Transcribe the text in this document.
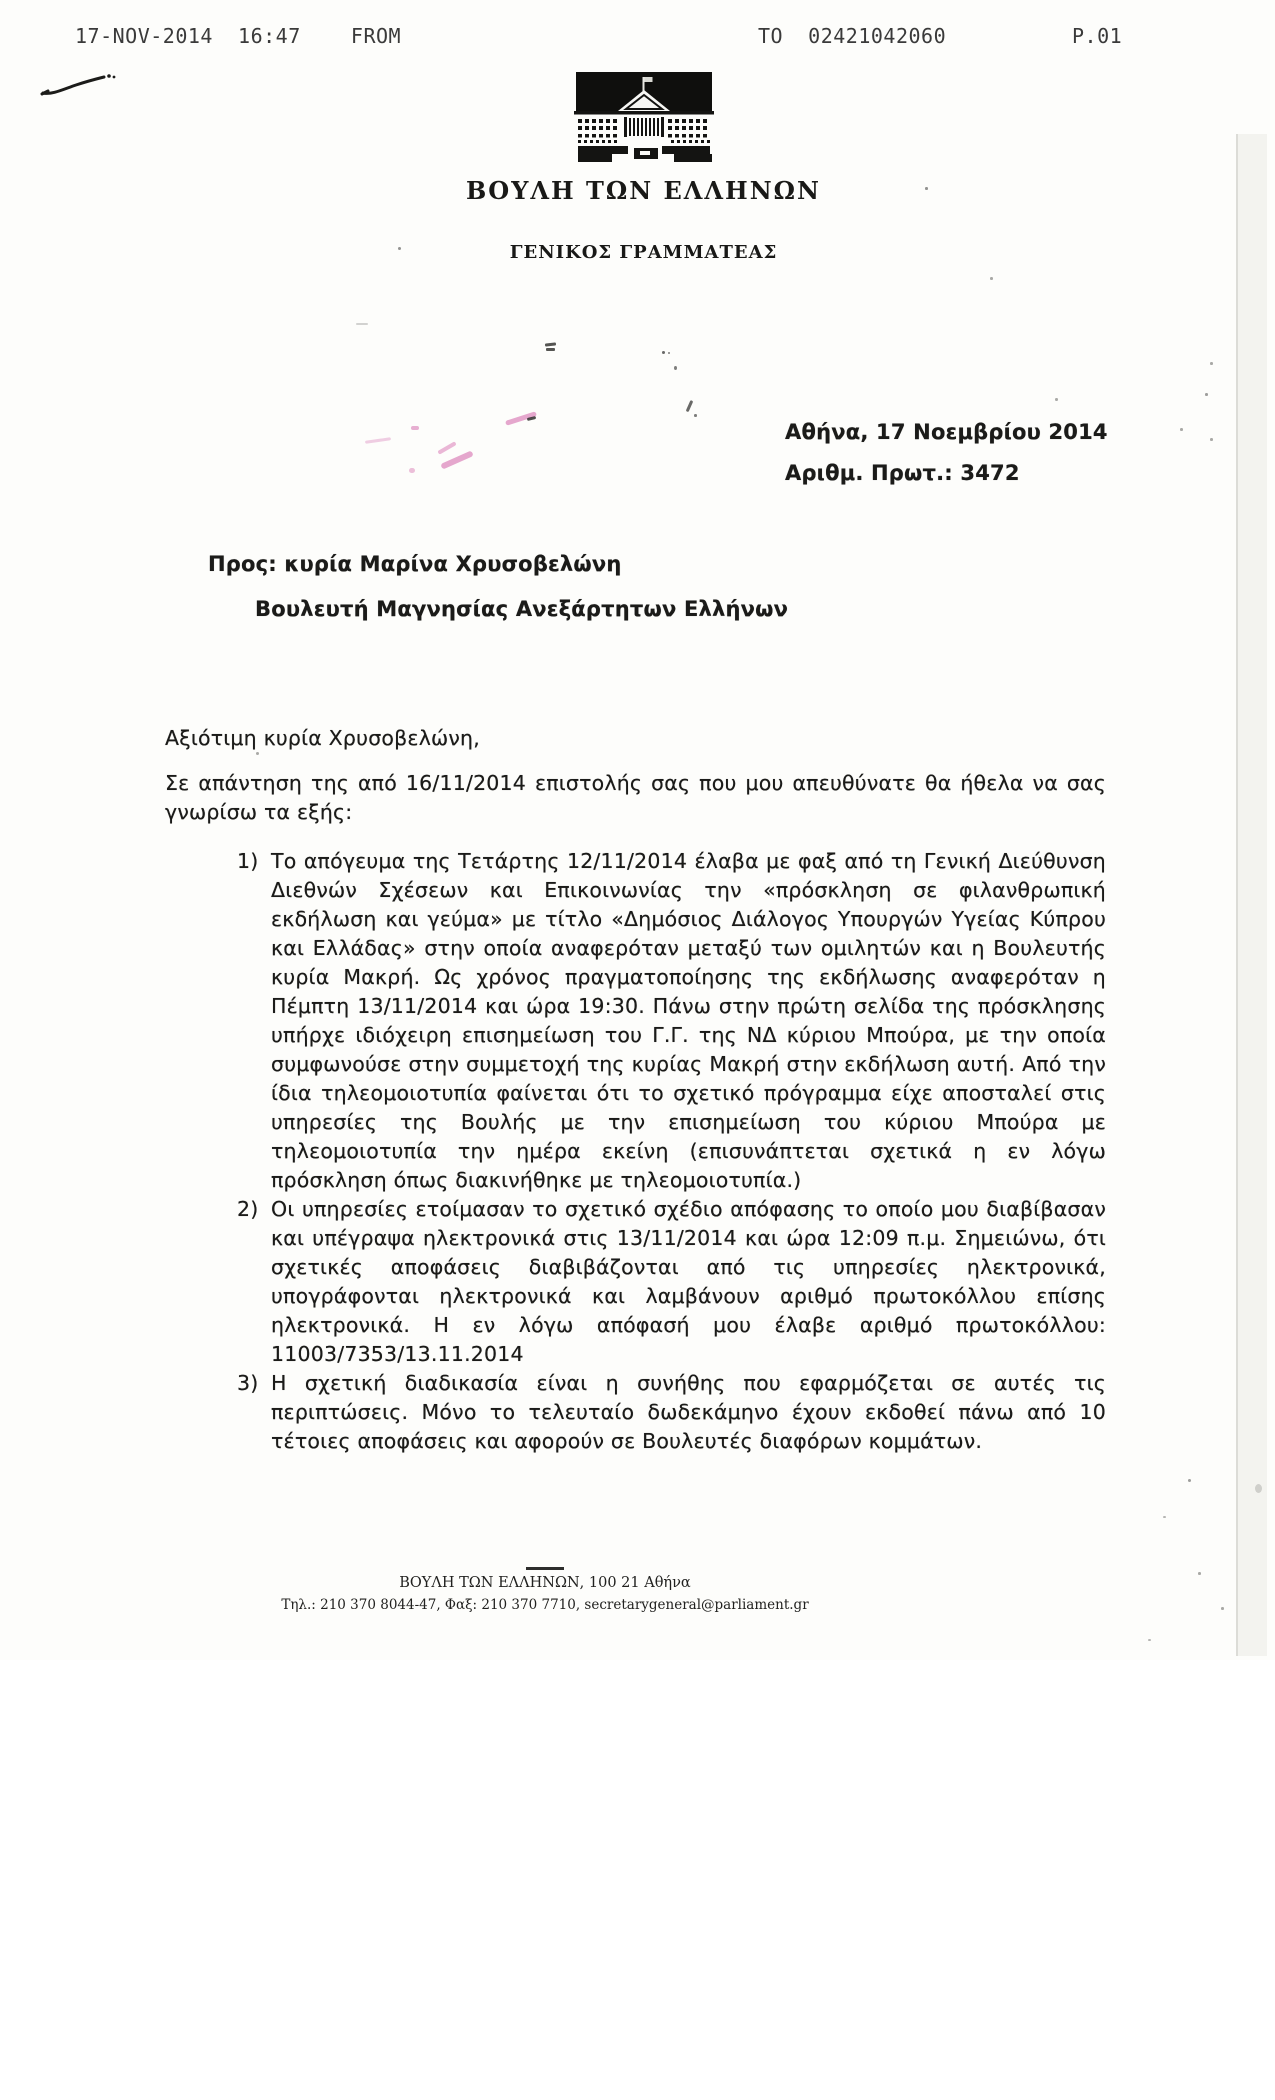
17-NOV-2014  16:47    FROM	TO  02421042060	P.01
ΒΟΥΛΗ ΤΩΝ ΕΛΛΗΝΩΝ
ΓΕΝΙΚΟΣ ΓΡΑΜΜΑΤΕΑΣ
Αθήνα, 17 Νοεμβρίου 2014
Αριθμ. Πρωτ.: 3472
Προς: κυρία Μαρίνα Χρυσοβελώνη
Βουλευτή Μαγνησίας Ανεξάρτητων Ελλήνων
Αξιότιμη κυρία Χρυσοβελώνη,
Σε απάντηση της από 16/11/2014 επιστολής σας που μου απευθύνατε θα ήθελα να σας γνωρίσω τα εξής:
1) Το απόγευμα της Τετάρτης 12/11/2014 έλαβα με φαξ από τη Γενική Διεύθυνση Διεθνών Σχέσεων και Επικοινωνίας την «πρόσκληση σε φιλανθρωπική εκδήλωση και γεύμα» με τίτλο «Δημόσιος Διάλογος Υπουργών Υγείας Κύπρου και Ελλάδας» στην οποία αναφερόταν μεταξύ των ομιλητών και η Βουλευτής κυρία Μακρή. Ως χρόνος πραγματοποίησης της εκδήλωσης αναφερόταν η Πέμπτη 13/11/2014 και ώρα 19:30. Πάνω στην πρώτη σελίδα της πρόσκλησης υπήρχε ιδιόχειρη επισημείωση του Γ.Γ. της ΝΔ κύριου Μπούρα, με την οποία συμφωνούσε στην συμμετοχή της κυρίας Μακρή στην εκδήλωση αυτή. Από την ίδια τηλεομοιοτυπία φαίνεται ότι το σχετικό πρόγραμμα είχε αποσταλεί στις υπηρεσίες της Βουλής με την επισημείωση του κύριου Μπούρα με τηλεομοιοτυπία την ημέρα εκείνη (επισυνάπτεται σχετικά η εν λόγω πρόσκληση όπως διακινήθηκε με τηλεομοιοτυπία.)
2) Οι υπηρεσίες ετοίμασαν το σχετικό σχέδιο απόφασης το οποίο μου διαβίβασαν και υπέγραψα ηλεκτρονικά στις 13/11/2014 και ώρα 12:09 π.μ. Σημειώνω, ότι σχετικές αποφάσεις διαβιβάζονται από τις υπηρεσίες ηλεκτρονικά, υπογράφονται ηλεκτρονικά και λαμβάνουν αριθμό πρωτοκόλλου επίσης ηλεκτρονικά. Η εν λόγω απόφασή μου έλαβε αριθμό πρωτοκόλλου: 11003/7353/13.11.2014
3) Η σχετική διαδικασία είναι η συνήθης που εφαρμόζεται σε αυτές τις περιπτώσεις. Μόνο το τελευταίο δωδεκάμηνο έχουν εκδοθεί πάνω από 10 τέτοιες αποφάσεις και αφορούν σε Βουλευτές διαφόρων κομμάτων.
ΒΟΥΛΗ ΤΩΝ ΕΛΛΗΝΩΝ, 100 21 Αθήνα
Τηλ.: 210 370 8044-47, Φαξ: 210 370 7710, secretarygeneral@parliament.gr
